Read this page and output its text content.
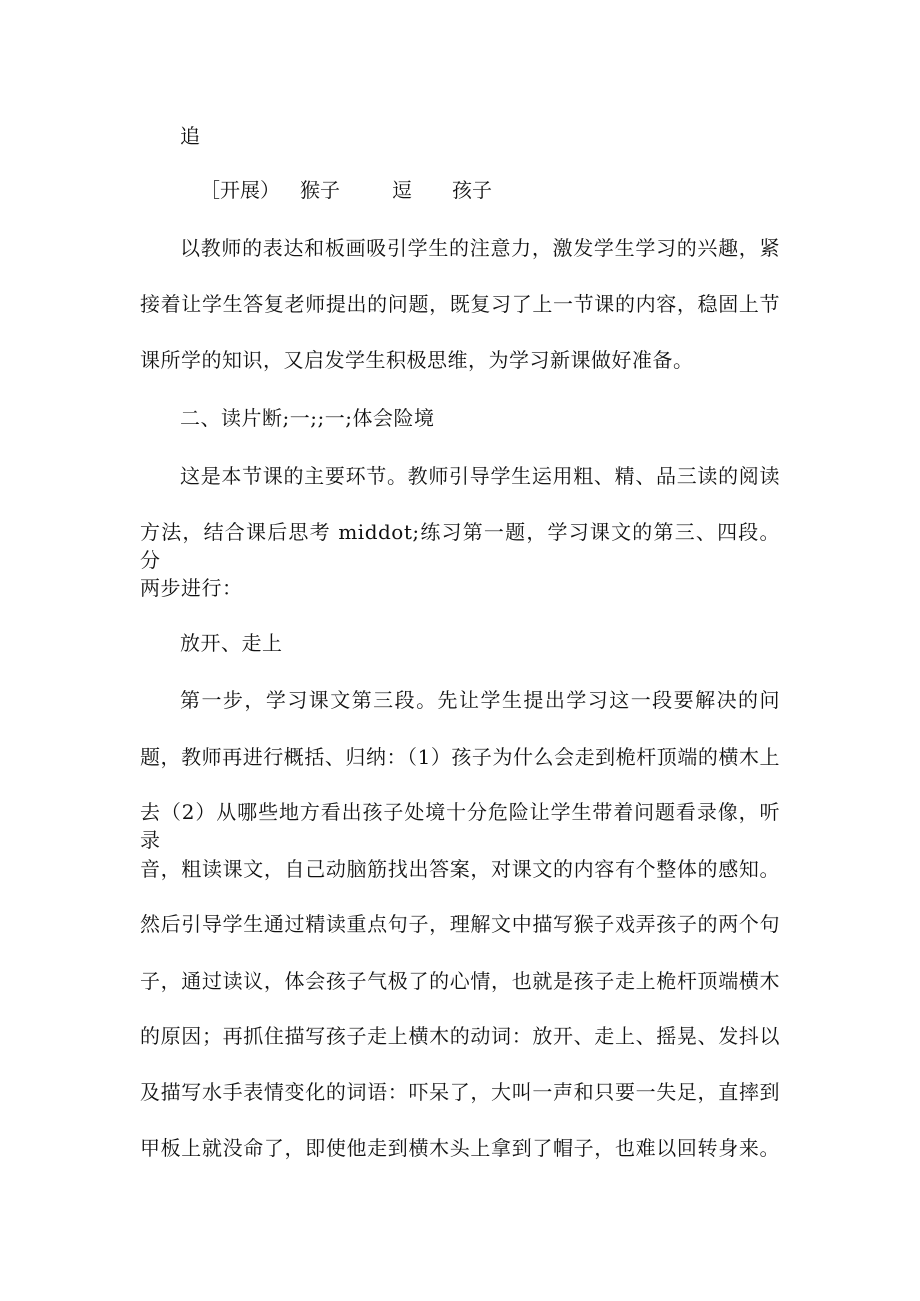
追
［开展） 猴子	逗 孩子
以教师的表达和板画吸引学生的注意力，激发学生学习的兴趣，紧
接着让学生答复老师提出的问题，既复习了上一节课的内容，稳固上节
课所学的知识，又启发学生积极思维，为学习新课做好准备。
二、读片断;一;;一;体会险境
这是本节课的主要环节。教师引导学生运用粗、精、品三读的阅读
方法，结合课后思考 middot;练习第一题，学习课文的第三、四段。分
两步进行：
放开、走上
第一步，学习课文第三段。先让学生提出学习这一段要解决的问
题，教师再进行概括、归纳：（1）孩子为什么会走到桅杆顶端的横木上
去（2）从哪些地方看出孩子处境十分危险让学生带着问题看录像，听录
音，粗读课文，自己动脑筋找出答案，对课文的内容有个整体的感知。
然后引导学生通过精读重点句子，理解文中描写猴子戏弄孩子的两个句
子，通过读议，体会孩子气极了的心情，也就是孩子走上桅杆顶端横木
的原因；再抓住描写孩子走上横木的动词：放开、走上、摇晃、发抖以
及描写水手表情变化的词语：吓呆了，大叫一声和只要一失足，直摔到
甲板上就没命了，即使他走到横木头上拿到了帽子，也难以回转身来。
